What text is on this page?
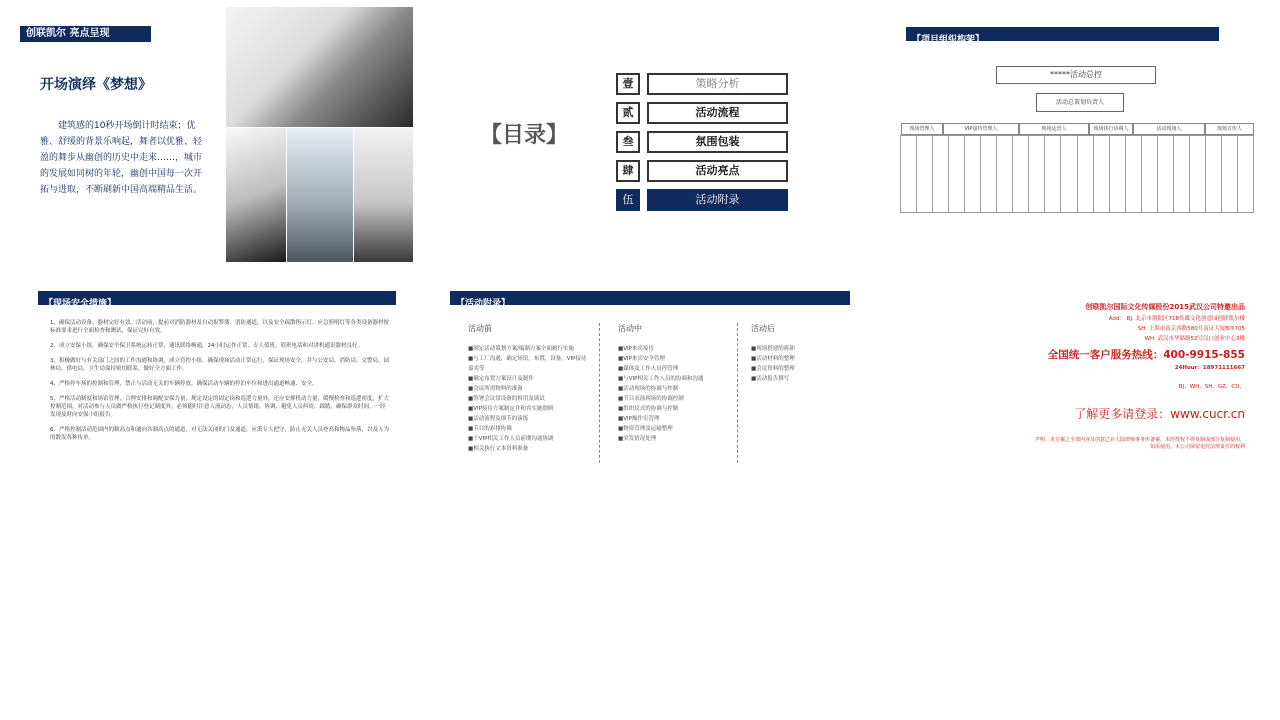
创联凯尔 亮点呈现
开场演绎《梦想》
建筑感的10秒开场倒计时结束；优雅、舒缓的背景乐响起，舞者以优雅、轻盈的舞步从幽创的历史中走来……，城市的发展如同树的年轮，幽创中国每一次开拓与进取，不断刷新中国高端精品生活。
【目录】
壹	策略分析
贰	活动流程
叁	氛围包装
肆	活动亮点
伍	活动附录
【项目组织构架】
*****活动总控
活动总策划负责人
现场管理人	VIP接待管理人	现场运营人	现场执行协调人	活动现场人	现场宣传人
【现场安全措施】
1、确保活动设备、器材完好有效。活动前，提前对消防器材及自动报警器、消防通道，以及安全疏散指示灯、应急照明灯等各类设备器材按标准要求进行全面检查和测试，保证完好有效。
2、成立安保小组，确保安全保卫系统运转正常，通讯联络畅通，24小时运作正常、专人值班，值班电话和对讲机通讯器材良好。
3、积极做好与有关部门之间的工作沟通和协调，成立管控小组，确保现场活动正常运行，保证现场安全。并与公安局、消防局、交警局、园林局、供电局、卫生局保持密切联系，做好全方面工作。
4、严格停车场的控制和管理，禁止与活动无关的车辆停放。确保活动车辆的停泊车位和进出通道畅通、安全。
5、严格活动制度和场馆管理，合理安排和调配安保力量，规定设定的固定岗和巡逻力量外，还应安排机动力量，缓慢检查和巡逻密度，扩大控制范围，对活动参与人员做严格执行登记制度外，必须随时注意人流动态，人员情绪，协调、避免人员纠纷，踩踏，确保群众时间，一经发现及时向安保小组报告。
6、严格控制活动范围内的制高点和通向各制高点的通道，对无法关闭的门及通道，应派专人把守，防止无关人员登高和物品坠落，以及人为的散发各种传单。
【活动附录】
活动前
■制定活动策划方案/编制方案全面履行实施
■与工厂沟通，确定场馆，布置，设备，VIP接待嘉宾等
■确定布置方案设计及制作
■会议所需物料的准备
■签署会议常设备的租用及调试
■VIP接待方案制定并和宾实施细则
■活动流程及细节的演练
■节目的彩排协调
■于VIP相关工作人员前期沟通协调
■相关执行文本资料准备
活动中
■VIP来宾接待
■VIP来宾安全管理
■媒体及工作人员停管理
■与VIP相关工作人员的协调和沟通
■活动现场的协调与控制
■节目表演现场的协调控制
■组织仪式的协调与控制
■VIP操作室管理
■物资管理及运输整理
■突发情况处理
活动后
■现场搭建的拆卸
■活动材料的整理
■会议资料的整理
■活动报告撰写
创联凯尔国际文化传媒股份2015武汉公司特邀出品
Add： BJ. 北京市朝阳区718传媒文化创意园创联凯尔楼
SH. 上海市南京西路580号南证大厦B座705
WH. 武汉市华储路52号汉口创业中心3楼
全国统一客户服务热线：400-9915-855
24Hour：18971111667
BJ、WH、SH、GZ、CD、
了解更多请登录：www.cucr.cn
声明：本方案之全部内容及创意已在大陆律师事务所备案，未经授权不得复制或部分复制使用，
如需使用，本公司保留追究法律责任的权利
